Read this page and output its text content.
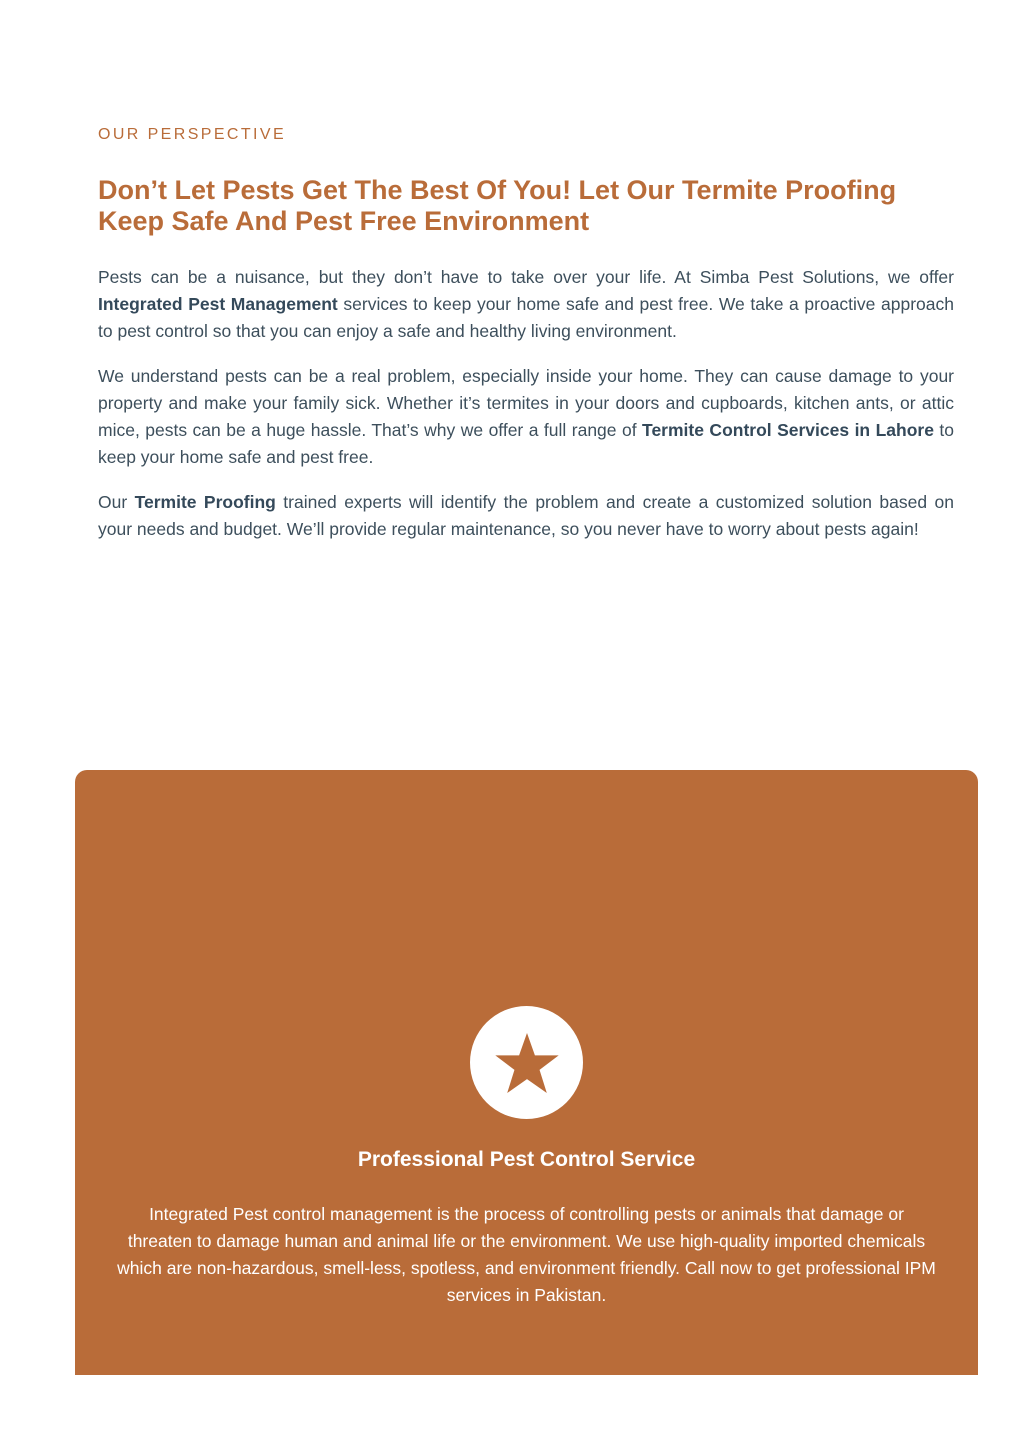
OUR PERSPECTIVE
Don’t Let Pests Get The Best Of You! Let Our Termite Proofing Keep Safe And Pest Free Environment

Pests can be a nuisance, but they don’t have to take over your life. At Simba Pest Solutions, we offer Integrated Pest Management services to keep your home safe and pest free. We take a proactive approach to pest control so that you can enjoy a safe and healthy living environment.

We understand pests can be a real problem, especially inside your home. They can cause damage to your property and make your family sick. Whether it’s termites in your doors and cupboards, kitchen ants, or attic mice, pests can be a huge hassle. That’s why we offer a full range of Termite Control Services in Lahore to keep your home safe and pest free.

Our Termite Proofing trained experts will identify the problem and create a customized solution based on your needs and budget. We’ll provide regular maintenance, so you never have to worry about pests again!

Professional Pest Control Service

Integrated Pest control management is the process of controlling pests or animals that damage or threaten to damage human and animal life or the environment. We use high-quality imported chemicals which are non-hazardous, smell-less, spotless, and environment friendly. Call now to get professional IPM services in Pakistan.
